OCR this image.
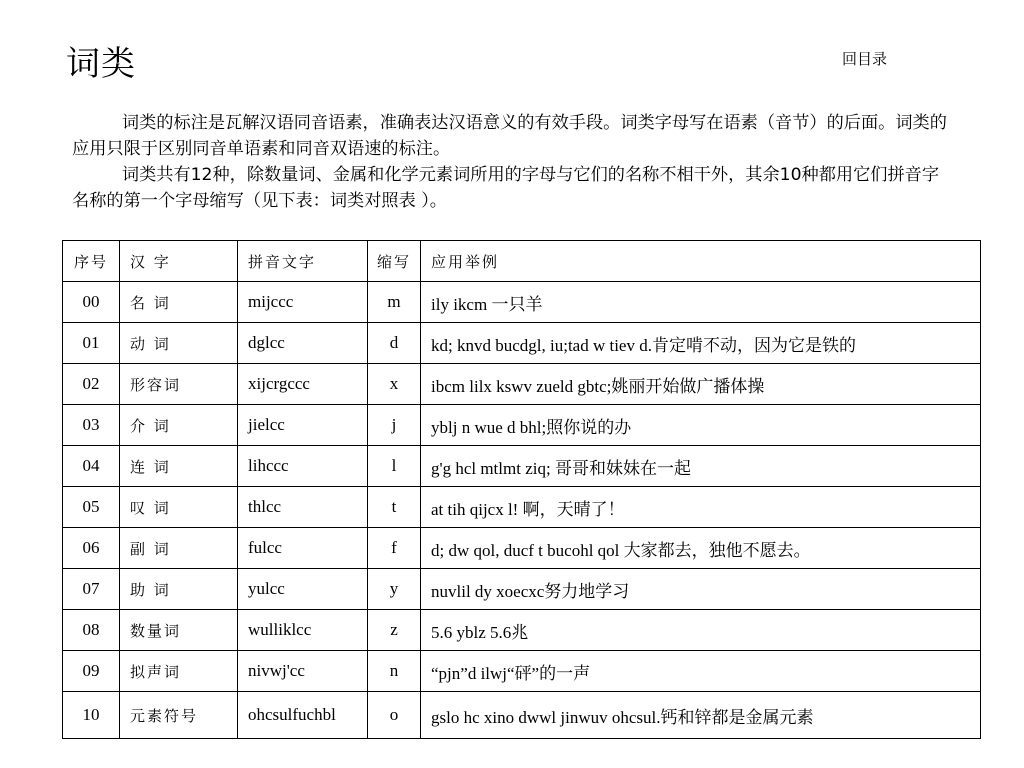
词类	回目录

词类的标注是瓦解汉语同音语素，准确表达汉语意义的有效手段。词类字母写在语素（音节）的后面。词类的应用只限于区别同音单语素和同音双语速的标注。

词类共有12种，除数量词、金属和化学元素词所用的字母与它们的名称不相干外，其余10种都用它们拼音字名称的第一个字母缩写（见下表：词类对照表 ）。

序号	汉 字	拼音文字	缩写	应用举例
00	名 词	mijccc	m	ily ikcm 一只羊
01	动 词	dglcc	d	kd; knvd bucdgl, iu;tad w tiev d.肯定啃不动，因为它是铁的
02	形容词	xijcrgccc	x	ibcm lilx kswv zueld gbtc;姚丽开始做广播体操
03	介 词	jielcc	j	yblj n wue d bhl;照你说的办
04	连 词	lihccc	l	g'g hcl mtlmt ziq; 哥哥和妹妹在一起
05	叹 词	thlcc	t	at tih qijcx l! 啊，天晴了！
06	副 词	fulcc	f	d; dw qol, ducf t bucohl qol 大家都去，独他不愿去。
07	助 词	yulcc	y	nuvlil dy xoecxc努力地学习
08	数量词	wulliklcc	z	5.6 yblz 5.6兆
09	拟声词	nivwj'cc	n	“pjn”d ilwj“砰”的一声
10	元素符号	ohcsulfuchbl	o	gslo hc xino dwwl jinwuv ohcsul.钙和锌都是金属元素
